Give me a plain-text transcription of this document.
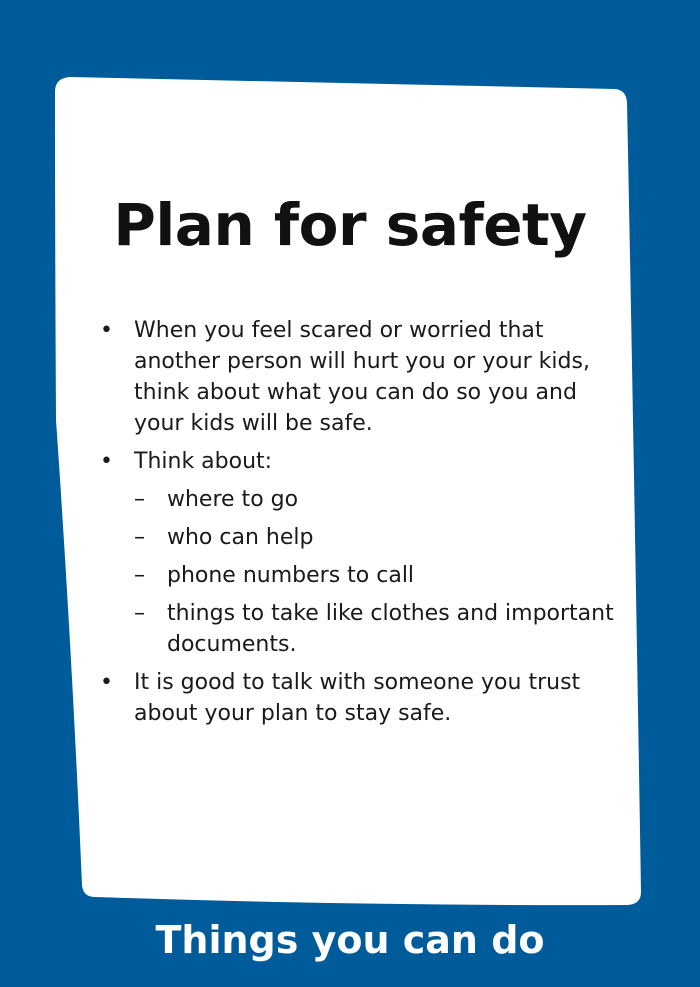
Plan for safety
• When you feel scared or worried that another person will hurt you or your kids, think about what you can do so you and your kids will be safe.
• Think about:
– where to go
– who can help
– phone numbers to call
– things to take like clothes and important documents.
• It is good to talk with someone you trust about your plan to stay safe.
Things you can do
